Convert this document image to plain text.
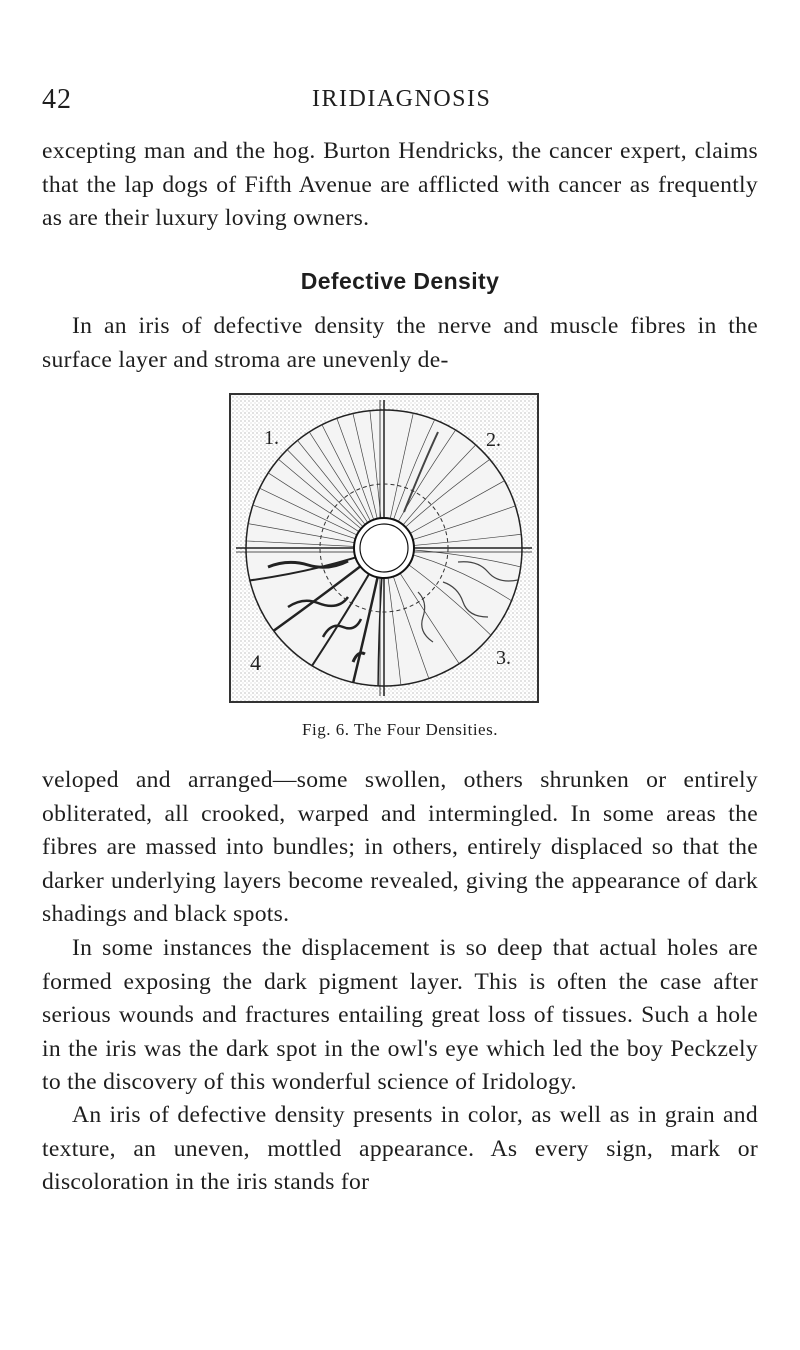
42	IRIDIAGNOSIS

excepting man and the hog. Burton Hendricks, the cancer expert, claims that the lap dogs of Fifth Avenue are afflicted with cancer as frequently as are their luxury loving owners.

Defective Density

In an iris of defective density the nerve and muscle fibres in the surface layer and stroma are unevenly de-

1.	2.
3.
4
Fig. 6. The Four Densities.

veloped and arranged—some swollen, others shrunken or entirely obliterated, all crooked, warped and intermingled. In some areas the fibres are massed into bundles; in others, entirely displaced so that the darker underlying layers become revealed, giving the appearance of dark shadings and black spots.

In some instances the displacement is so deep that actual holes are formed exposing the dark pigment layer. This is often the case after serious wounds and fractures entailing great loss of tissues. Such a hole in the iris was the dark spot in the owl's eye which led the boy Peckzely to the discovery of this wonderful science of Iridology.

An iris of defective density presents in color, as well as in grain and texture, an uneven, mottled appearance. As every sign, mark or discoloration in the iris stands for
